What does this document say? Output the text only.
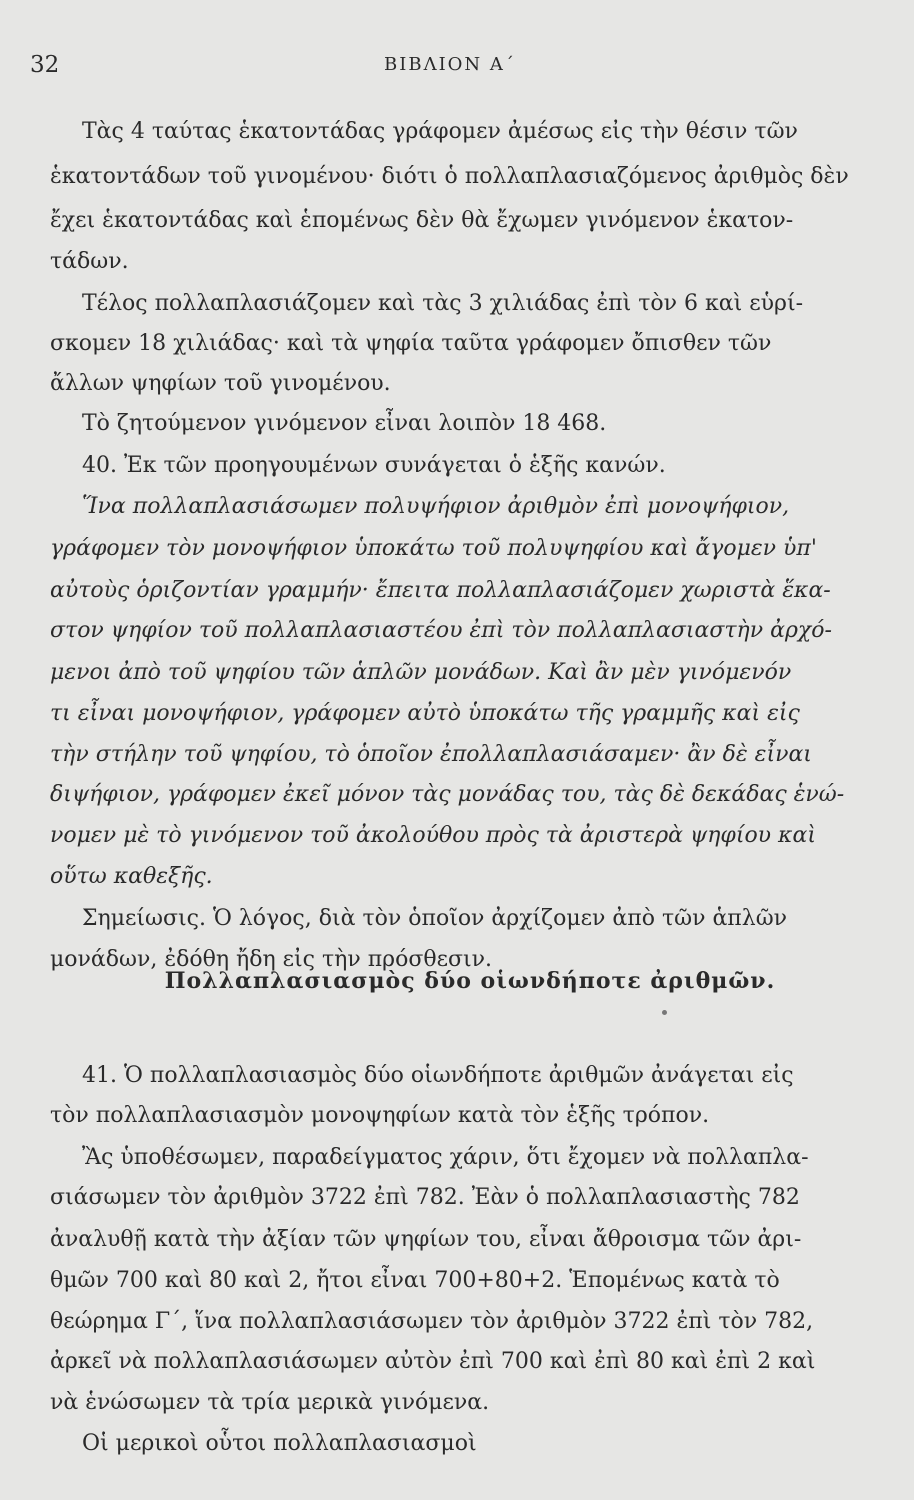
32	ΒΙΒΛΙΟΝ Α΄
Τὰς 4 ταύτας ἑκατοντάδας γράφομεν ἀμέσως εἰς τὴν θέσιν τῶν
ἑκατοντάδων τοῦ γινομένου· διότι ὁ πολλαπλασιαζόμενος ἀριθμὸς δὲν
ἔχει ἑκατοντάδας καὶ ἑπομένως δὲν θὰ ἔχωμεν γινόμενον ἑκατον-
τάδων.
Τέλος πολλαπλασιάζομεν καὶ τὰς 3 χιλιάδας ἐπὶ τὸν 6 καὶ εὑρί-
σκομεν 18 χιλιάδας· καὶ τὰ ψηφία ταῦτα γράφομεν ὄπισθεν τῶν
ἄλλων ψηφίων τοῦ γινομένου.
Τὸ ζητούμενον γινόμενον εἶναι λοιπὸν 18 468.
40. Ἐκ τῶν προηγουμένων συνάγεται ὁ ἑξῆς κανών.
Ἵνα πολλαπλασιάσωμεν πολυψήφιον ἀριθμὸν ἐπὶ μονοψήφιον,
γράφομεν τὸν μονοψήφιον ὑποκάτω τοῦ πολυψηφίου καὶ ἄγομεν ὑπ'
αὐτοὺς ὁριζοντίαν γραμμήν· ἔπειτα πολλαπλασιάζομεν χωριστὰ ἕκα-
στον ψηφίον τοῦ πολλαπλασιαστέου ἐπὶ τὸν πολλαπλασιαστὴν ἀρχό-
μενοι ἀπὸ τοῦ ψηφίου τῶν ἁπλῶν μονάδων. Καὶ ἂν μὲν γινόμενόν
τι εἶναι μονοψήφιον, γράφομεν αὐτὸ ὑποκάτω τῆς γραμμῆς καὶ εἰς
τὴν στήλην τοῦ ψηφίου, τὸ ὁποῖον ἐπολλαπλασιάσαμεν· ἂν δὲ εἶναι
διψήφιον, γράφομεν ἐκεῖ μόνον τὰς μονάδας του, τὰς δὲ δεκάδας ἑνώ-
νομεν μὲ τὸ γινόμενον τοῦ ἀκολούθου πρὸς τὰ ἀριστερὰ ψηφίου καὶ
οὕτω καθεξῆς.
Σημείωσις. Ὁ λόγος, διὰ τὸν ὁποῖον ἀρχίζομεν ἀπὸ τῶν ἁπλῶν
μονάδων, ἐδόθη ἤδη εἰς τὴν πρόσθεσιν.
Πολλαπλασιασμὸς δύο οἱωνδήποτε ἀριθμῶν.
41. Ὁ πολλαπλασιασμὸς δύο οἱωνδήποτε ἀριθμῶν ἀνάγεται εἰς
τὸν πολλαπλασιασμὸν μονοψηφίων κατὰ τὸν ἑξῆς τρόπον.
Ἂς ὑποθέσωμεν, παραδείγματος χάριν, ὅτι ἔχομεν νὰ πολλαπλα-
σιάσωμεν τὸν ἀριθμὸν 3722 ἐπὶ 782. Ἐὰν ὁ πολλαπλασιαστὴς 782
ἀναλυθῇ κατὰ τὴν ἀξίαν τῶν ψηφίων του, εἶναι ἄθροισμα τῶν ἀρι-
θμῶν 700 καὶ 80 καὶ 2, ἤτοι εἶναι 700+80+2. Ἑπομένως κατὰ τὸ
θεώρημα Γ΄, ἵνα πολλαπλασιάσωμεν τὸν ἀριθμὸν 3722 ἐπὶ τὸν 782,
ἀρκεῖ νὰ πολλαπλασιάσωμεν αὐτὸν ἐπὶ 700 καὶ ἐπὶ 80 καὶ ἐπὶ 2 καὶ
νὰ ἑνώσωμεν τὰ τρία μερικὰ γινόμενα.
Οἱ μερικοὶ οὗτοι πολλαπλασιασμοὶ
